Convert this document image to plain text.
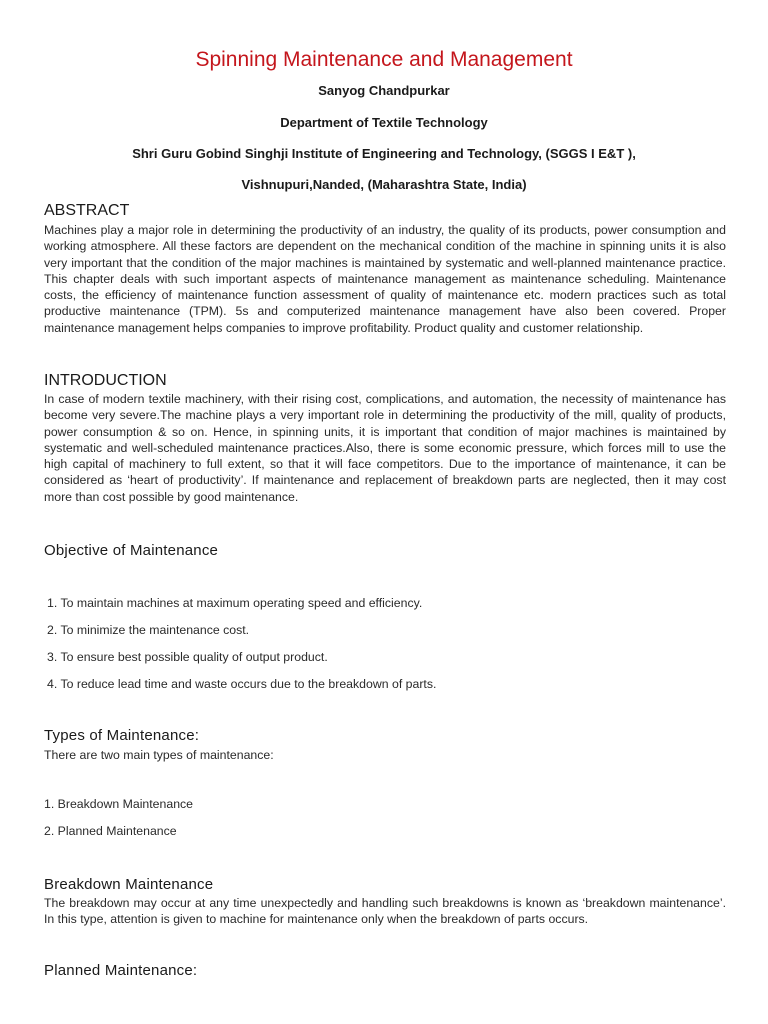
Spinning Maintenance and Management
Sanyog Chandpurkar
Department of Textile Technology
Shri Guru Gobind Singhji Institute of Engineering and Technology, (SGGS I E&T ),
Vishnupuri,Nanded, (Maharashtra State, India)
ABSTRACT
Machines play a major role in determining the productivity of an industry, the quality of its products, power consumption and working atmosphere. All these factors are dependent on the mechanical condition of the machine in spinning units it is also very important that the condition of the major machines is maintained by systematic and well-planned maintenance practice. This chapter deals with such important aspects of maintenance management as maintenance scheduling. Maintenance costs, the efficiency of maintenance function assessment of quality of maintenance etc. modern practices such as total productive maintenance (TPM). 5s and computerized maintenance management have also been covered. Proper maintenance management helps companies to improve profitability. Product quality and customer relationship.
INTRODUCTION
In case of modern textile machinery, with their rising cost, complications, and automation, the necessity of maintenance has become very severe.The machine plays a very important role in determining the productivity of the mill, quality of products, power consumption & so on. Hence, in spinning units, it is important that condition of major machines is maintained by systematic and well-scheduled maintenance practices.Also, there is some economic pressure, which forces mill to use the high capital of machinery to full extent, so that it will face competitors. Due to the importance of maintenance, it can be considered as ‘heart of productivity’. If maintenance and replacement of breakdown parts are neglected, then it may cost more than cost possible by good maintenance.
Objective of Maintenance
1. To maintain machines at maximum operating speed and efficiency.
2. To minimize the maintenance cost.
3. To ensure best possible quality of output product.
4. To reduce lead time and waste occurs due to the breakdown of parts.
Types of Maintenance:
There are two main types of maintenance:
1. Breakdown Maintenance
2. Planned Maintenance
Breakdown Maintenance
The breakdown may occur at any time unexpectedly and handling such breakdowns is known as ‘breakdown maintenance’. In this type, attention is given to machine for maintenance only when the breakdown of parts occurs.
Planned Maintenance:
